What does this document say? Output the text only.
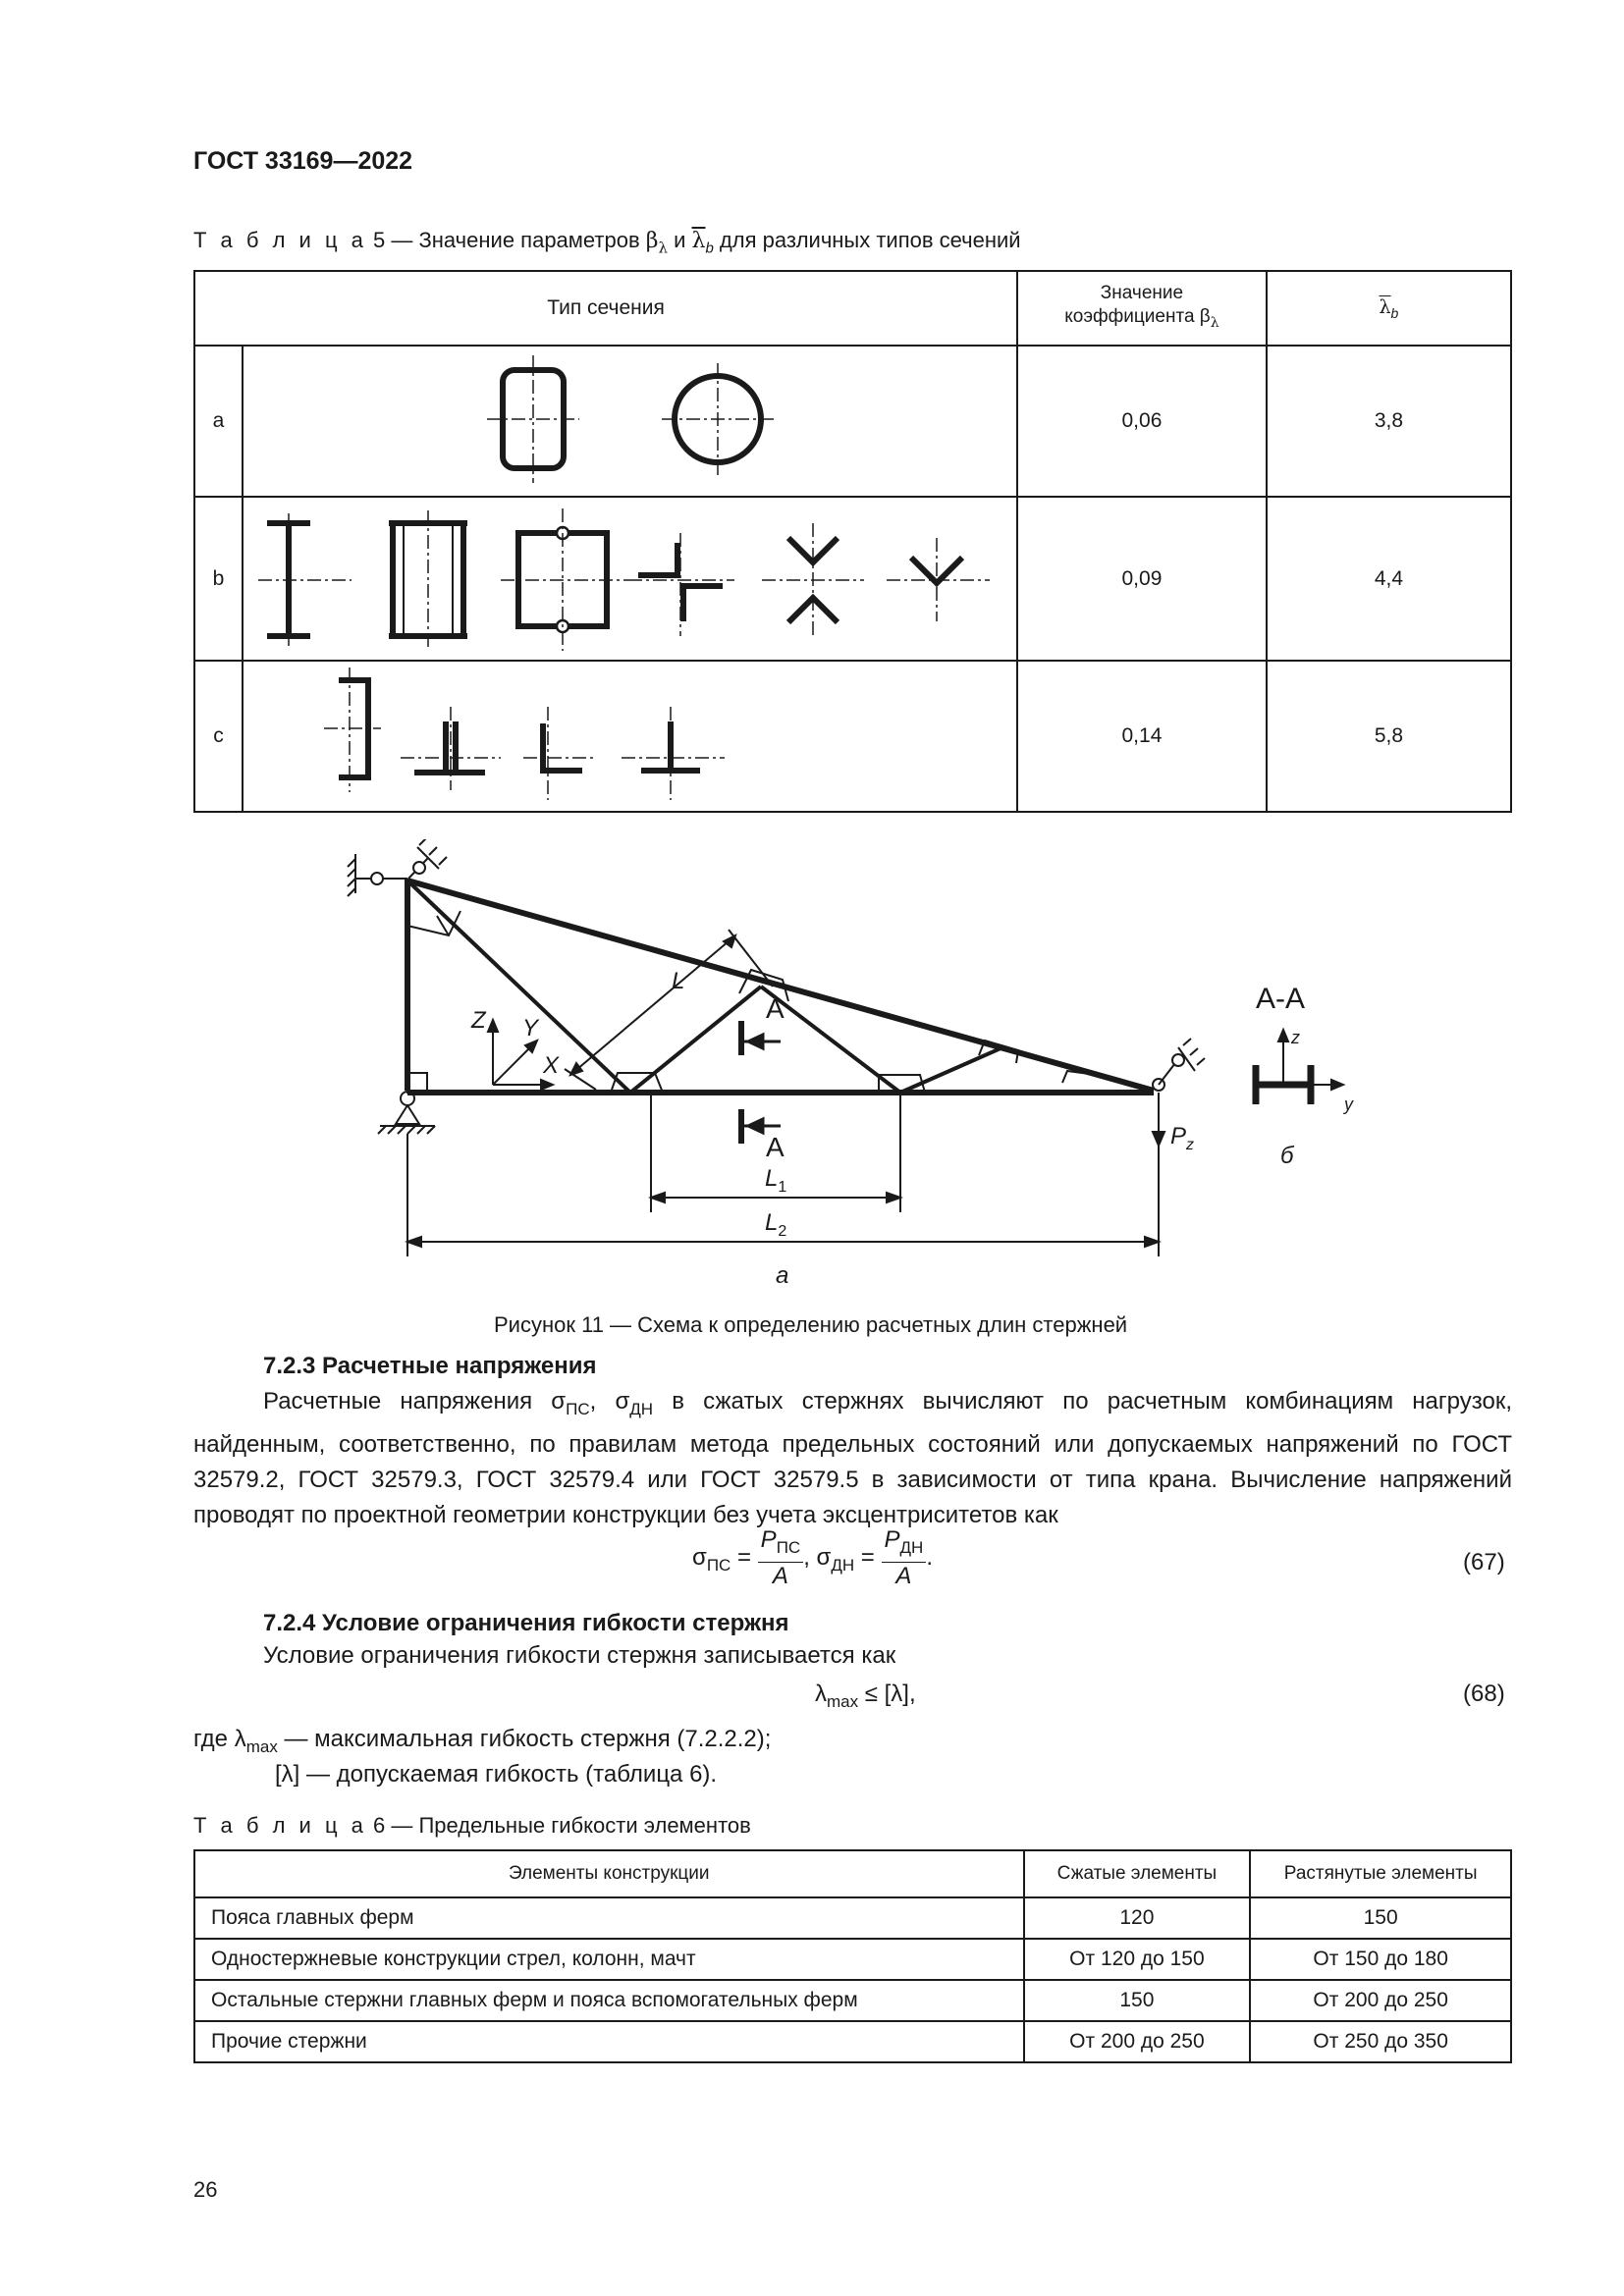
ГОСТ 33169—2022
Т а б л и ц а 5 — Значение параметров $\beta_\lambda$ и $\overline{\lambda}_b$ для различных типов сечений
Тип сечения		Значение
коэффициента $\beta_\lambda$	$\overline{\lambda}_b$
a		0,06	3,8
b		0,09	4,4
c		0,14	5,8
L
Z Y
X
A
A
$L_1$
$L_2$
$P_z$
а
А-А
z
y
б
Рисунок 11 — Схема к определению расчетных длин стержней
7.2.3 Расчетные напряжения
Расчетные напряжения $\sigma_{ПС}$, $\sigma_{ДН}$ в сжатых стержнях вычисляют по расчетным комбинациям нагрузок, найденным, соответственно, по правилам метода предельных состояний или допускаемых напряжений по ГОСТ 32579.2, ГОСТ 32579.3, ГОСТ 32579.4 или ГОСТ 32579.5 в зависимости от типа крана. Вычисление напряжений проводят по проектной геометрии конструкции без учета эксцентриситетов как
$\sigma_{ПС} = \frac{P_{ПС}}{A}$ , $\sigma_{ДН} = \frac{P_{ДН}}{A}$ .	(67)
7.2.4 Условие ограничения гибкости стержня
Условие ограничения гибкости стержня записывается как
$\lambda_{max} \le [\lambda]$,	(68)
где $\lambda_{max}$ — максимальная гибкость стержня (7.2.2.2);
[λ] — допускаемая гибкость (таблица 6).
Т а б л и ц а 6 — Предельные гибкости элементов
Элементы конструкции	Сжатые элементы	Растянутые элементы
Пояса главных ферм	120	150
Одностержневые конструкции стрел, колонн, мачт	От 120 до 150	От 150 до 180
Остальные стержни главных ферм и пояса вспомогательных ферм	150	От 200 до 250
Прочие стержни	От 200 до 250	От 250 до 350
26
